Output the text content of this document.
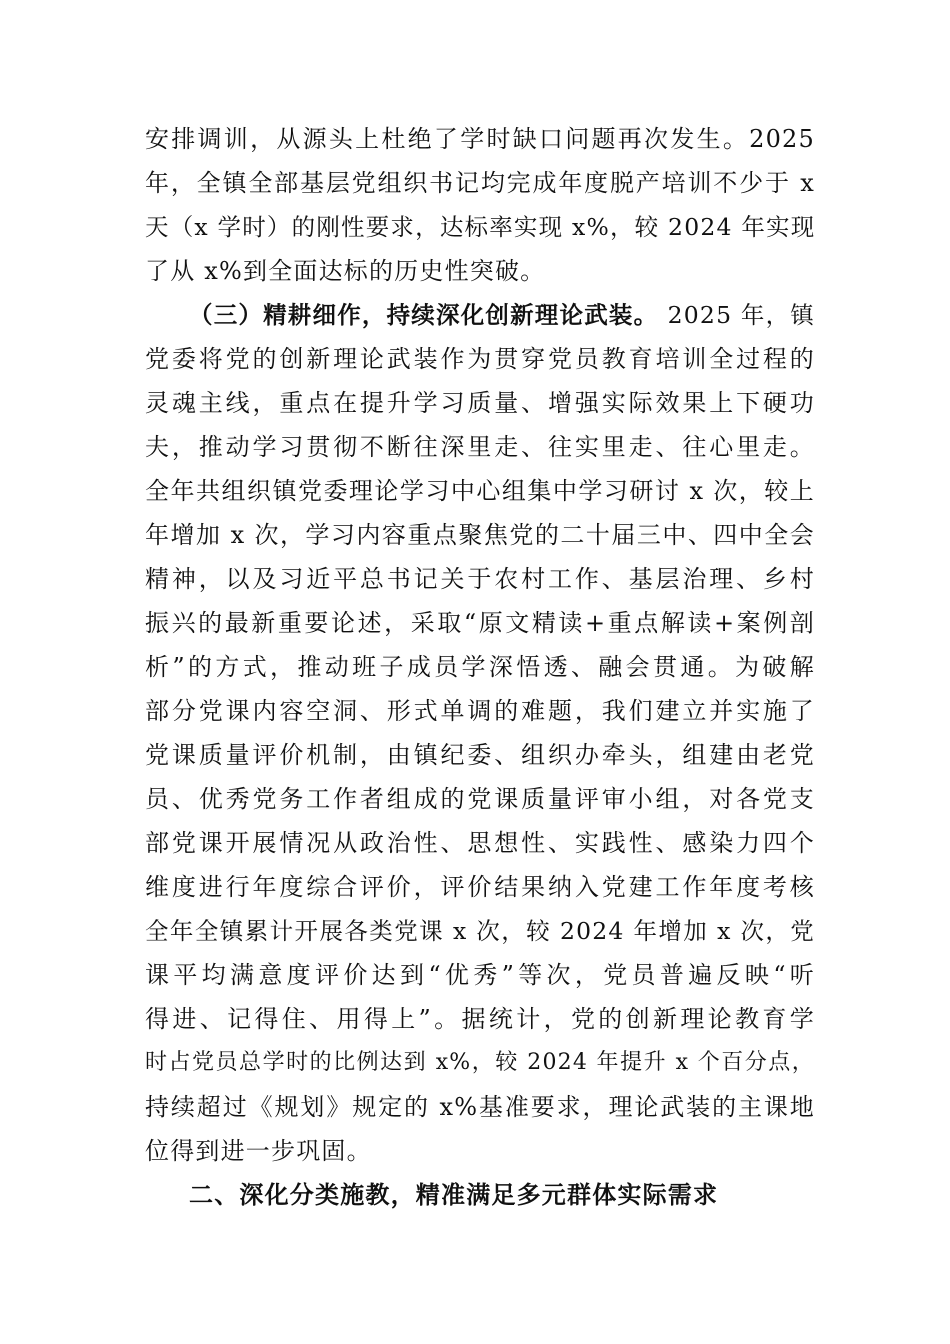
安排调训，从源头上杜绝了学时缺口问题再次发生。2025
年，全镇全部基层党组织书记均完成年度脱产培训不少于 x
天（x 学时）的刚性要求，达标率实现 x%，较 2024 年实现
了从 x%到全面达标的历史性突破。
（三）精耕细作，持续深化创新理论武装。 2025 年，镇
党委将党的创新理论武装作为贯穿党员教育培训全过程的
灵魂主线，重点在提升学习质量、增强实际效果上下硬功
夫，推动学习贯彻不断往深里走、往实里走、往心里走。
全年共组织镇党委理论学习中心组集中学习研讨 x 次，较上
年增加 x 次，学习内容重点聚焦党的二十届三中、四中全会
精神，以及习近平总书记关于农村工作、基层治理、乡村
振兴的最新重要论述，采取“原文精读+重点解读+案例剖
析”的方式，推动班子成员学深悟透、融会贯通。为破解
部分党课内容空洞、形式单调的难题，我们建立并实施了
党课质量评价机制，由镇纪委、组织办牵头，组建由老党
员、优秀党务工作者组成的党课质量评审小组，对各党支
部党课开展情况从政治性、思想性、实践性、感染力四个
维度进行年度综合评价，评价结果纳入党建工作年度考核
全年全镇累计开展各类党课 x 次，较 2024 年增加 x 次，党
课平均满意度评价达到“优秀”等次，党员普遍反映“听
得进、记得住、用得上”。据统计，党的创新理论教育学
时占党员总学时的比例达到 x%，较 2024 年提升 x 个百分点，
持续超过《规划》规定的 x%基准要求，理论武装的主课地
位得到进一步巩固。
二、深化分类施教，精准满足多元群体实际需求
